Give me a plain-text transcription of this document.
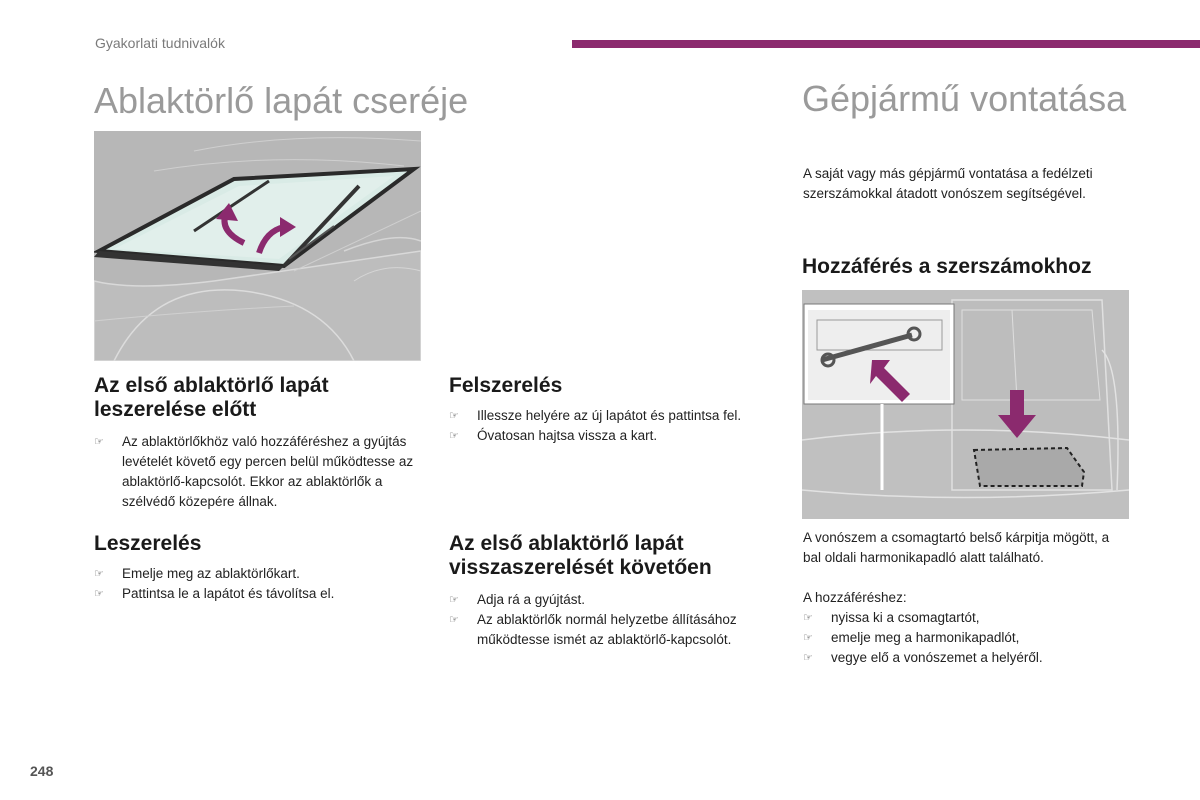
Gyakorlati tudnivalók
Ablaktörlő lapát cseréje
Az első ablaktörlő lapát leszerelése előtt
☞ Az ablaktörlőkhöz való hozzáféréshez a gyújtás levételét követő egy percen belül működtesse az ablaktörlő-kapcsolót. Ekkor az ablaktörlők a szélvédő közepére állnak.
Leszerelés
☞ Emelje meg az ablaktörlőkart.
☞ Pattintsa le a lapátot és távolítsa el.
Felszerelés
☞ Illessze helyére az új lapátot és pattintsa fel.
☞ Óvatosan hajtsa vissza a kart.
Az első ablaktörlő lapát visszaszerelését követően
☞ Adja rá a gyújtást.
☞ Az ablaktörlők normál helyzetbe állításához működtesse ismét az ablaktörlő-kapcsolót.
Gépjármű vontatása
A saját vagy más gépjármű vontatása a fedélzeti szerszámokkal átadott vonószem segítségével.
Hozzáférés a szerszámokhoz
A vonószem a csomagtartó belső kárpitja mögött, a bal oldali harmonikapadló alatt található.
A hozzáféréshez:
☞ nyissa ki a csomagtartót,
☞ emelje meg a harmonikapadlót,
☞ vegye elő a vonószemet a helyéről.
248
